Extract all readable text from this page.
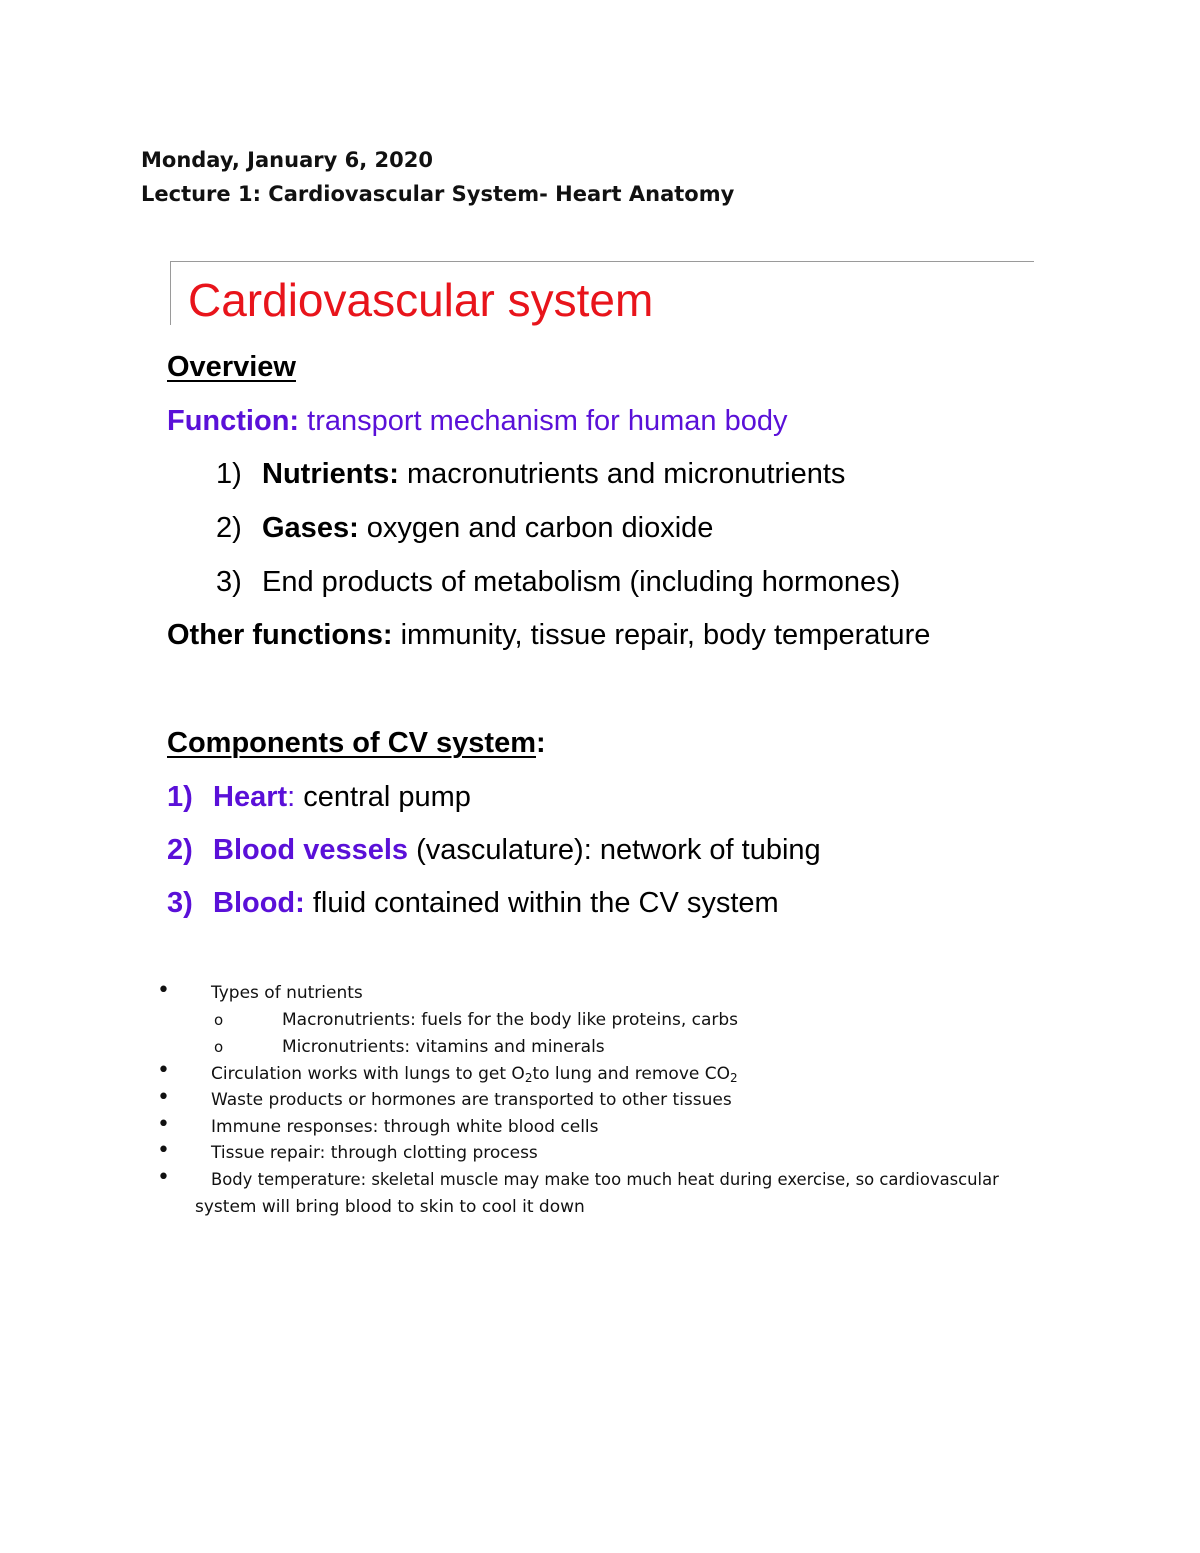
Monday, January 6, 2020
Lecture 1: Cardiovascular System- Heart Anatomy
Cardiovascular system
Overview
Function: transport mechanism for human body
1) Nutrients: macronutrients and micronutrients
2) Gases: oxygen and carbon dioxide
3) End products of metabolism (including hormones)
Other functions: immunity, tissue repair, body temperature
Components of CV system:
1) Heart: central pump
2) Blood vessels (vasculature): network of tubing
3) Blood: fluid contained within the CV system
• Types of nutrients
o	Macronutrients: fuels for the body like proteins, carbs
o	Micronutrients: vitamins and minerals
• Circulation works with lungs to get $O_2to$ lung and remove $CO_2$
• Waste products or hormones are transported to other tissues
• Immune responses: through white blood cells
• Tissue repair: through clotting process
•	Body temperature: skeletal muscle may make too much heat during exercise, so cardiovascular
system will bring blood to skin to cool it down
